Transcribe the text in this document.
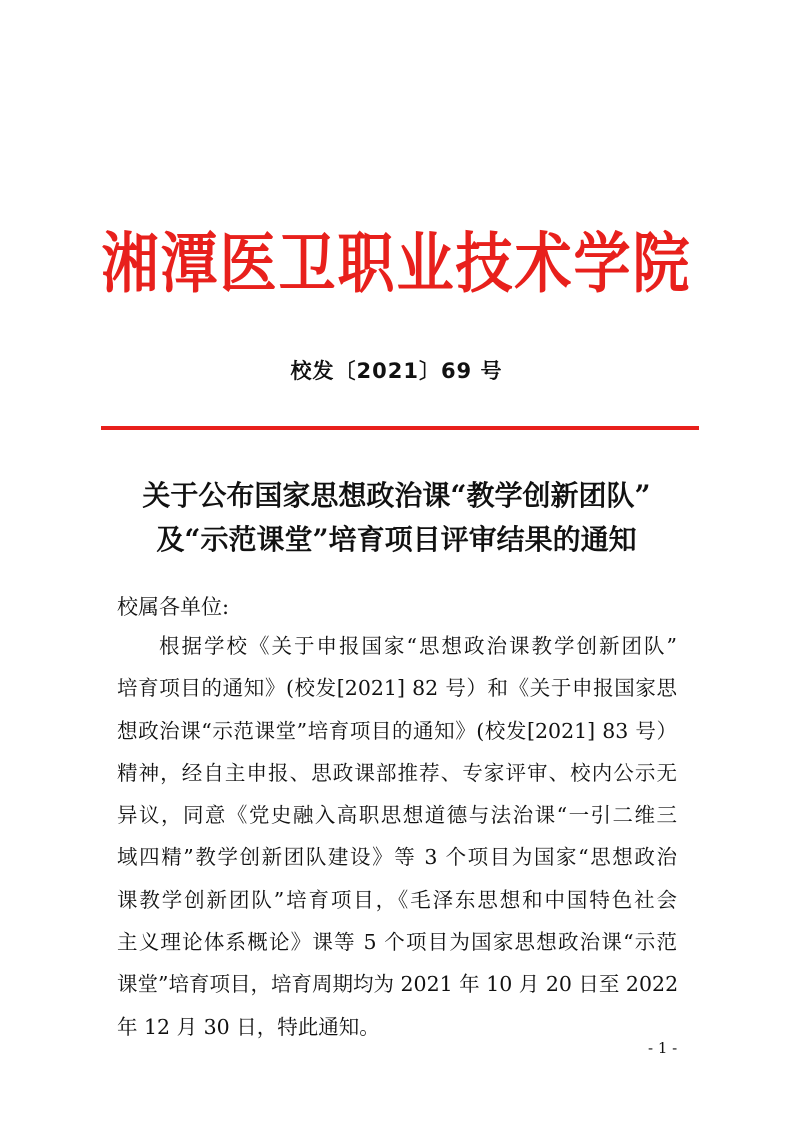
湘潭医卫职业技术学院
校发〔2021〕69 号
关于公布国家思想政治课“教学创新团队”
及“示范课堂”培育项目评审结果的通知
校属各单位:
根据学校《关于申报国家“思想政治课教学创新团队”
培育项目的通知》(校发[2021] 82 号）和《关于申报国家思
想政治课“示范课堂”培育项目的通知》(校发[2021] 83 号）
精神，经自主申报、思政课部推荐、专家评审、校内公示无
异议，同意《党史融入高职思想道德与法治课“一引二维三
域四精”教学创新团队建设》等 3 个项目为国家“思想政治
课教学创新团队”培育项目，《毛泽东思想和中国特色社会
主义理论体系概论》课等 5 个项目为国家思想政治课“示范
课堂”培育项目，培育周期均为 2021 年 10 月 20 日至 2022
年 12 月 30 日，特此通知。
- 1 -
